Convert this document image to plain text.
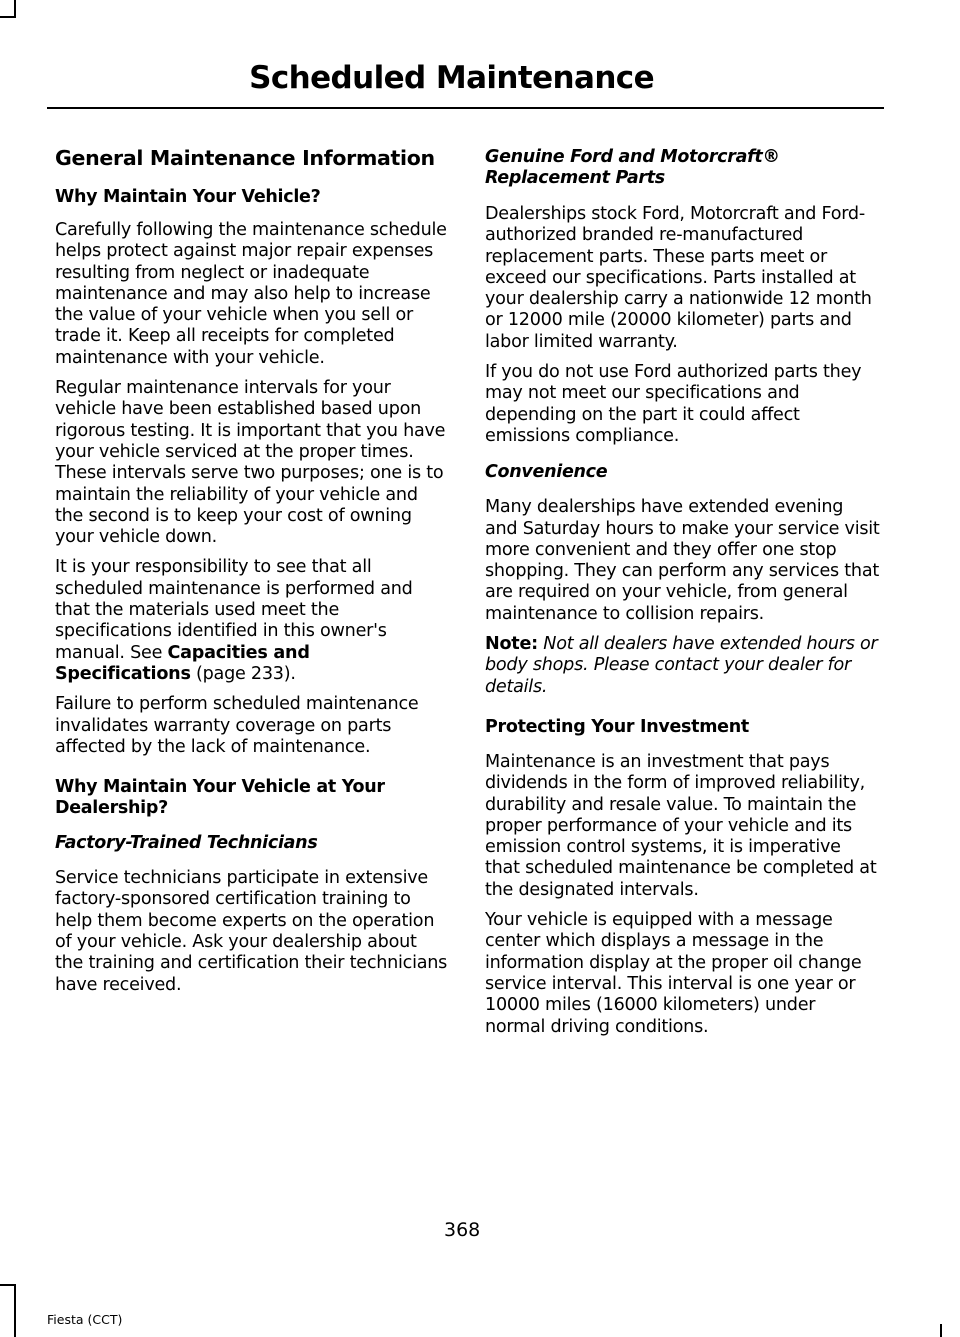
Scheduled Maintenance
General Maintenance Information
Why Maintain Your Vehicle?

Carefully following the maintenance schedule helps protect against major repair expenses resulting from neglect or inadequate maintenance and may also help to increase the value of your vehicle when you sell or trade it. Keep all receipts for completed maintenance with your vehicle.

Regular maintenance intervals for your vehicle have been established based upon rigorous testing. It is important that you have your vehicle serviced at the proper times. These intervals serve two purposes; one is to maintain the reliability of your vehicle and the second is to keep your cost of owning your vehicle down.

It is your responsibility to see that all scheduled maintenance is performed and that the materials used meet the specifications identified in this owner's manual. See Capacities and Specifications (page 233).

Failure to perform scheduled maintenance invalidates warranty coverage on parts affected by the lack of maintenance.

Why Maintain Your Vehicle at Your Dealership?
Factory-Trained Technicians

Service technicians participate in extensive factory-sponsored certification training to help them become experts on the operation of your vehicle. Ask your dealership about the training and certification their technicians have received.

Genuine Ford and Motorcraft® Replacement Parts

Dealerships stock Ford, Motorcraft and Ford-authorized branded re-manufactured replacement parts. These parts meet or exceed our specifications. Parts installed at your dealership carry a nationwide 12 month or 12000 mile (20000 kilometer) parts and labor limited warranty.

If you do not use Ford authorized parts they may not meet our specifications and depending on the part it could affect emissions compliance.

Convenience

Many dealerships have extended evening and Saturday hours to make your service visit more convenient and they offer one stop shopping. They can perform any services that are required on your vehicle, from general maintenance to collision repairs.

Note: Not all dealers have extended hours or body shops. Please contact your dealer for details.

Protecting Your Investment

Maintenance is an investment that pays dividends in the form of improved reliability, durability and resale value. To maintain the proper performance of your vehicle and its emission control systems, it is imperative that scheduled maintenance be completed at the designated intervals.

Your vehicle is equipped with a message center which displays a message in the information display at the proper oil change service interval. This interval is one year or 10000 miles (16000 kilometers) under normal driving conditions.

368
Fiesta (CCT)
